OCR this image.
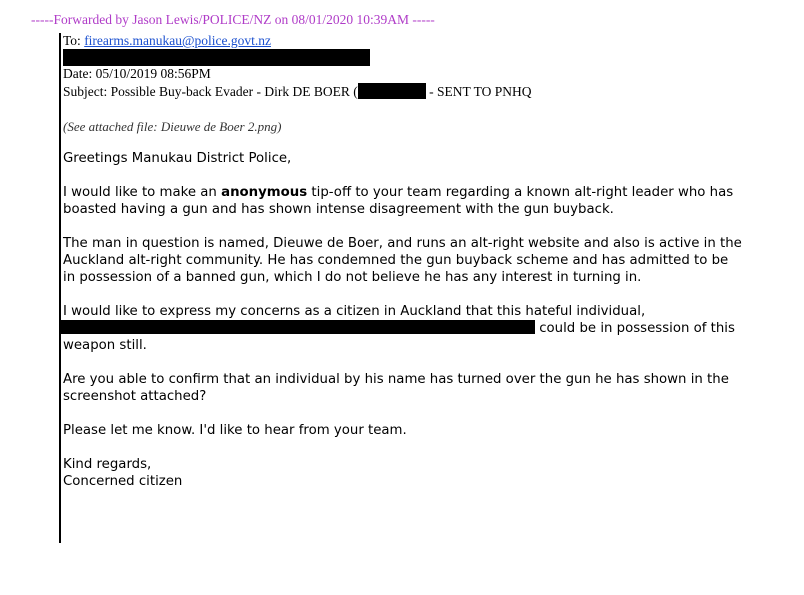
-----Forwarded by Jason Lewis/POLICE/NZ on 08/01/2020 10:39AM -----
To: firearms.manukau@police.govt.nz
Date: 05/10/2019 08:56PM
Subject: Possible Buy-back Evader - Dirk DE BOER (	- SENT TO PNHQ
(See attached file: Dieuwe de Boer 2.png)

Greetings Manukau District Police,

I would like to make an anonymous tip-off to your team regarding a known alt-right leader who has boasted having a gun and has shown intense disagreement with the gun buyback.

The man in question is named, Dieuwe de Boer, and runs an alt-right website and also is active in the Auckland alt-right community. He has condemned the gun buyback scheme and has admitted to be in possession of a banned gun, which I do not believe he has any interest in turning in.

I would like to express my concerns as a citizen in Auckland that this hateful individual,
could be in possession of this weapon still.

Are you able to confirm that an individual by his name has turned over the gun he has shown in the screenshot attached?

Please let me know. I'd like to hear from your team.

Kind regards,
Concerned citizen
